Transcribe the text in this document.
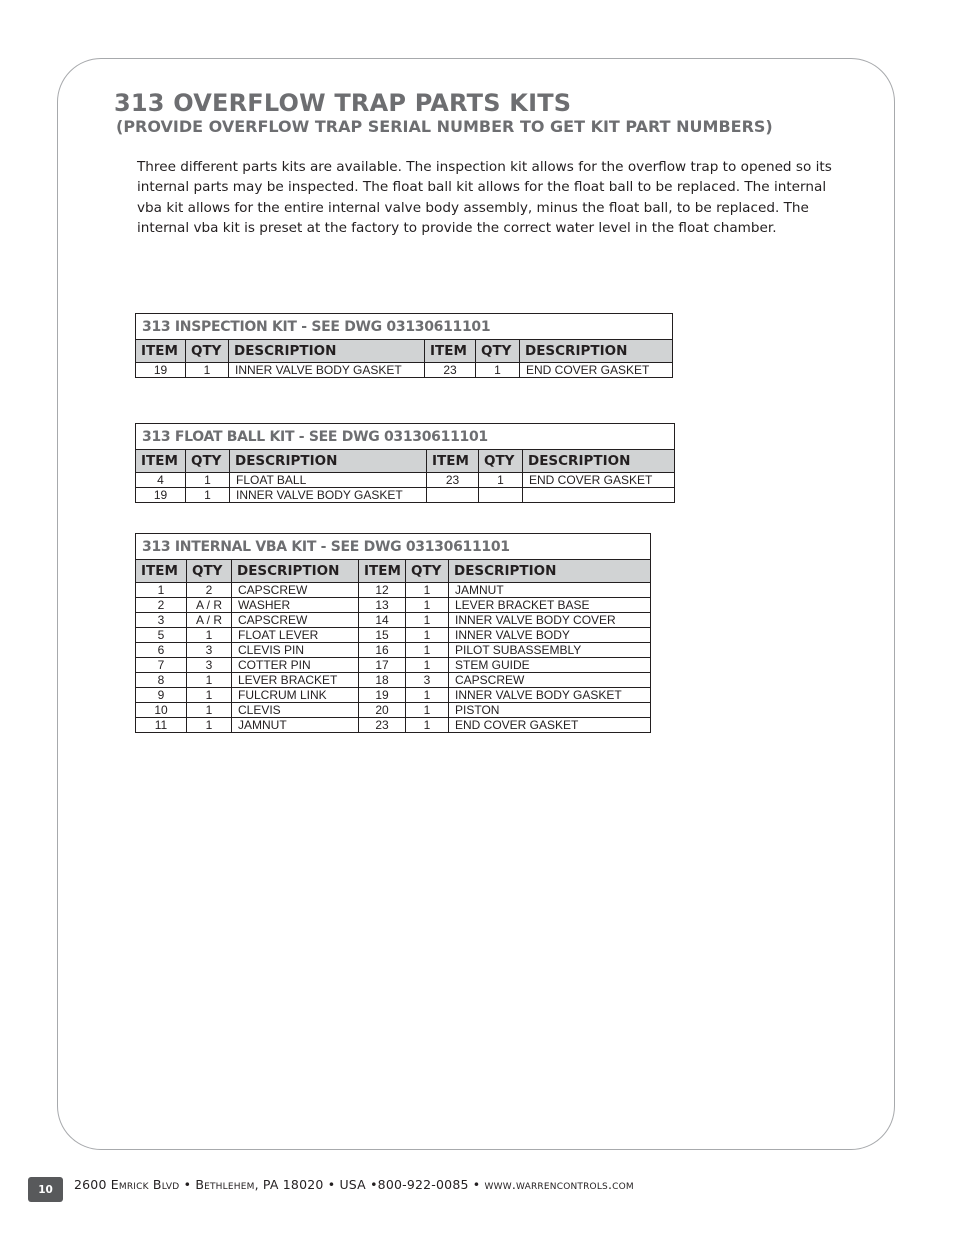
313 OVERFLOW TRAP PARTS KITS
(PROVIDE OVERFLOW TRAP SERIAL NUMBER TO GET KIT PART NUMBERS)

Three different parts kits are available. The inspection kit allows for the overflow trap to opened so its internal parts may be inspected. The float ball kit allows for the float ball to be replaced. The internal vba kit allows for the entire internal valve body assembly, minus the float ball, to be replaced. The internal vba kit is preset at the factory to provide the correct water level in the float chamber.

313 INSPECTION KIT - SEE DWG 03130611101					
ITEM	QTY	DESCRIPTION	ITEM	QTY	DESCRIPTION
19	1	INNER VALVE BODY GASKET	23	1	END COVER GASKET
313 FLOAT BALL KIT - SEE DWG 03130611101					
ITEM	QTY	DESCRIPTION	ITEM	QTY	DESCRIPTION
4	1	FLOAT BALL	23	1	END COVER GASKET
19	1	INNER VALVE BODY GASKET			
313 INTERNAL VBA KIT - SEE DWG 03130611101					
ITEM	QTY	DESCRIPTION	ITEM	QTY	DESCRIPTION
1	2	CAPSCREW	12	1	JAMNUT
2	A / R	WASHER	13	1	LEVER BRACKET BASE
3	A / R	CAPSCREW	14	1	INNER VALVE BODY COVER
5	1	FLOAT LEVER	15	1	INNER VALVE BODY
6	3	CLEVIS PIN	16	1	PILOT SUBASSEMBLY
7	3	COTTER PIN	17	1	STEM GUIDE
8	1	LEVER BRACKET	18	3	CAPSCREW
9	1	FULCRUM LINK	19	1	INNER VALVE BODY GASKET
10	1	CLEVIS	20	1	PISTON
11	1	JAMNUT	23	1	END COVER GASKET
10	2600 Emrick Blvd • Bethlehem, PA 18020 • USA •800-922-0085 • www.warrencontrols.com
